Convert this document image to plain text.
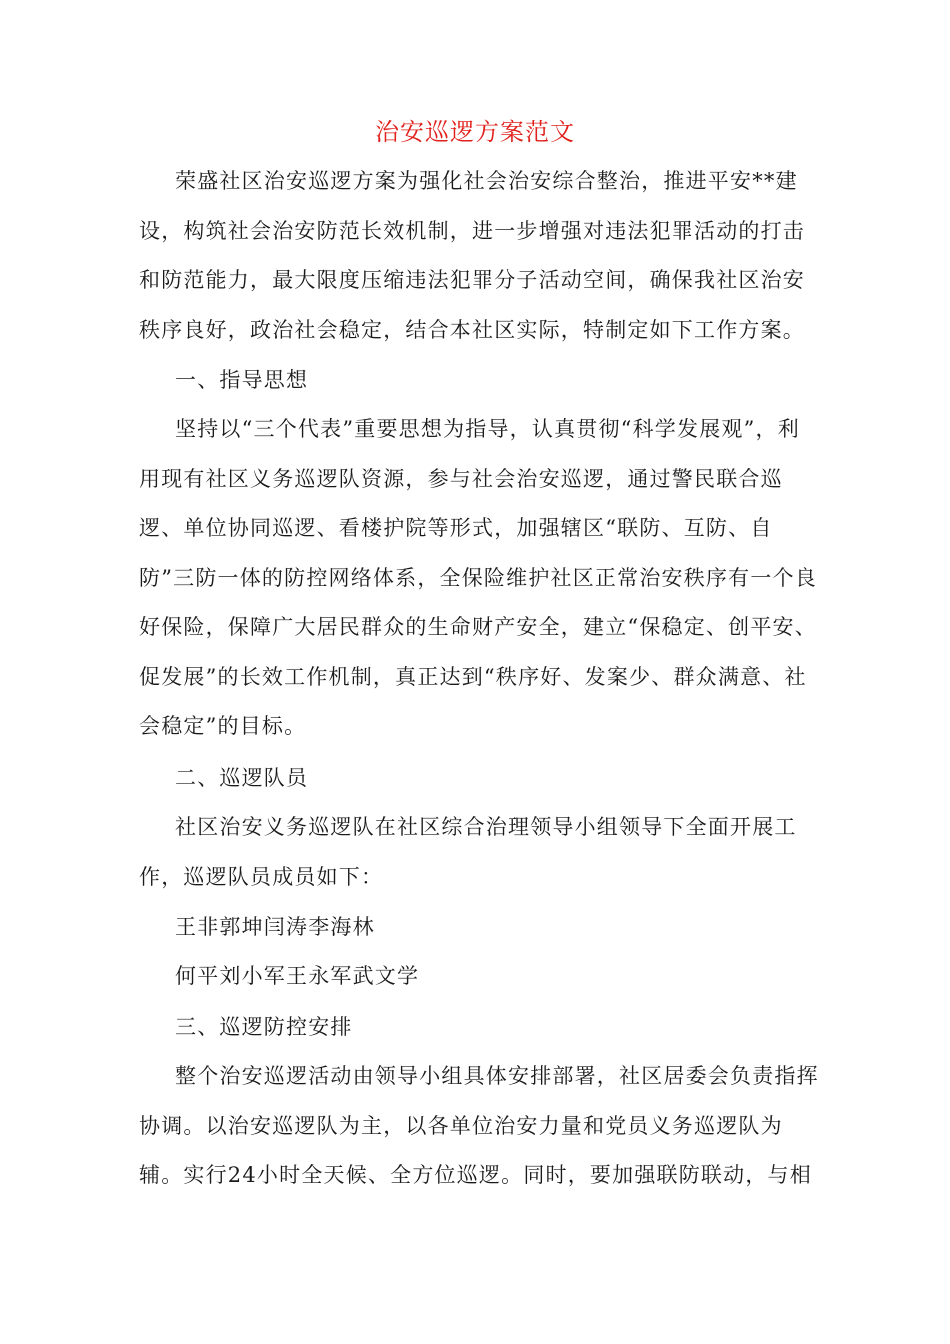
治安巡逻方案范文

荣盛社区治安巡逻方案为强化社会治安综合整治，推进平安**建设，构筑社会治安防范长效机制，进一步增强对违法犯罪活动的打击和防范能力，最大限度压缩违法犯罪分子活动空间，确保我社区治安秩序良好，政治社会稳定，结合本社区实际，特制定如下工作方案。

一、指导思想

坚持以“三个代表”重要思想为指导，认真贯彻“科学发展观”，利用现有社区义务巡逻队资源，参与社会治安巡逻，通过警民联合巡逻、单位协同巡逻、看楼护院等形式，加强辖区“联防、互防、自防”三防一体的防控网络体系，全保险维护社区正常治安秩序有一个良好保险，保障广大居民群众的生命财产安全，建立“保稳定、创平安、促发展”的长效工作机制，真正达到“秩序好、发案少、群众满意、社会稳定”的目标。

二、巡逻队员

社区治安义务巡逻队在社区综合治理领导小组领导下全面开展工作，巡逻队员成员如下：

王非郭坤闫涛李海林

何平刘小军王永军武文学

三、巡逻防控安排

整个治安巡逻活动由领导小组具体安排部署，社区居委会负责指挥协调。以治安巡逻队为主，以各单位治安力量和党员义务巡逻队为辅。实行24小时全天候、全方位巡逻。同时，要加强联防联动，与相
